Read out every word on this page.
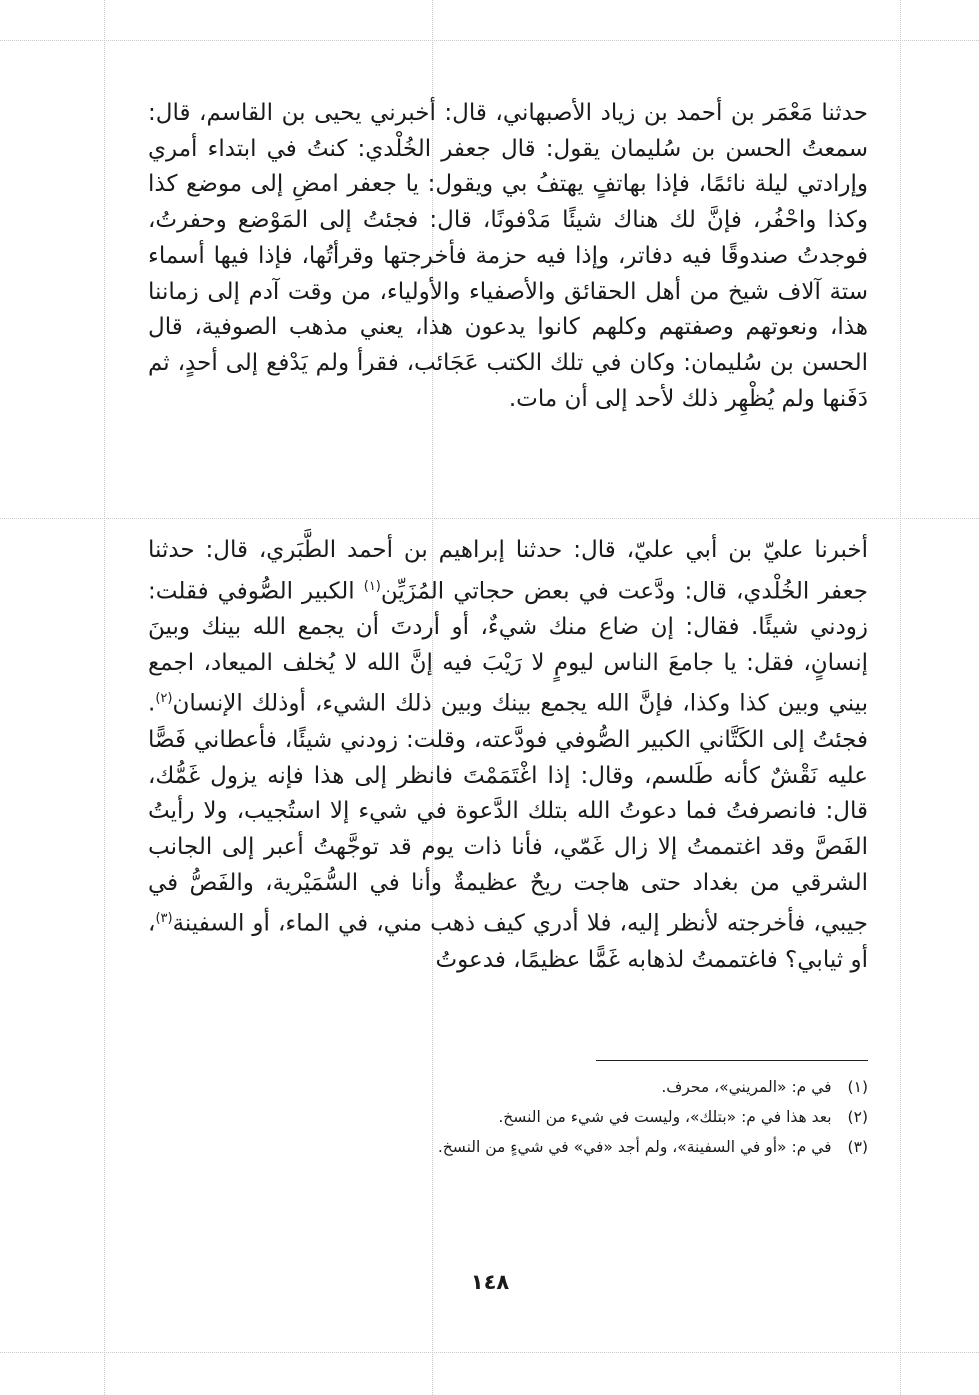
حدثنا مَعْمَر بن أحمد بن زياد الأصبهاني، قال: أخبرني يحيى بن القاسم، قال: سمعتُ الحسن بن سُليمان يقول: قال جعفر الخُلْدي: كنتُ في ابتداء أمري وإرادتي ليلة نائمًا، فإذا بهاتفٍ يهتفُ بي ويقول: يا جعفر امضِ إلى موضع كذا وكذا واحْفُر، فإنَّ لك هناك شيئًا مَدْفونًا، قال: فجئتُ إلى المَوْضع وحفرتُ، فوجدتُ صندوقًا فيه دفاتر، وإذا فيه حزمة فأخرجتها وقرأتُها، فإذا فيها أسماء ستة آلاف شيخ من أهل الحقائق والأصفياء والأولياء، من وقت آدم إلى زماننا هذا، ونعوتهم وصفتهم وكلهم كانوا يدعون هذا، يعني مذهب الصوفية، قال الحسن بن سُليمان: وكان في تلك الكتب عَجَائب، فقرأ ولم يَدْفع إلى أحدٍ، ثم دَفَنها ولم يُظْهِر ذلك لأحد إلى أن مات.

أخبرنا عليّ بن أبي عليّ، قال: حدثنا إبراهيم بن أحمد الطَّبَري، قال: حدثنا جعفر الخُلْدي، قال: ودَّعت في بعض حجاتي المُزَيِّن$^{(١)}$ الكبير الصُّوفي فقلت: زودني شيئًا. فقال: إن ضاع منك شيءٌ، أو أردتَ أن يجمع الله بينك وبينَ إنسانٍ، فقل: يا جامعَ الناس ليومٍ لا رَيْبَ فيه إنَّ الله لا يُخلف الميعاد، اجمع بيني وبين كذا وكذا، فإنَّ الله يجمع بينك وبين ذلك الشيء، أوذلك الإنسان$^{(٢)}$. فجئتُ إلى الكَتَّاني الكبير الصُّوفي فودَّعته، وقلت: زودني شيئًا، فأعطاني فَصًّا عليه نَقْشٌ كأنه طَلسم، وقال: إذا اغْتَمَمْتَ فانظر إلى هذا فإنه يزول غَمُّك، قال: فانصرفتُ فما دعوتُ الله بتلك الدَّعوة في شيء إلا استُجيب، ولا رأيتُ الفَصَّ وقد اغتممتُ إلا زال غَمّي، فأنا ذات يوم قد توجَّهتُ أعبر إلى الجانب الشرقي من بغداد حتى هاجت ريحٌ عظيمةٌ وأنا في السُّمَيْرية، والفَصُّ في جيبي، فأخرجته لأنظر إليه، فلا أدري كيف ذهب مني، في الماء، أو السفينة$^{(٣)}$، أو ثيابي؟ فاغتممتُ لذهابه غَمًّا عظيمًا، فدعوتُ

(١)في م: «المريني»، محرف.
(٢)بعد هذا في م: «بتلك»، وليست في شيء من النسخ.
(٣)في م: «أو في السفينة»، ولم أجد «في» في شيءٍ من النسخ.
١٤٨
